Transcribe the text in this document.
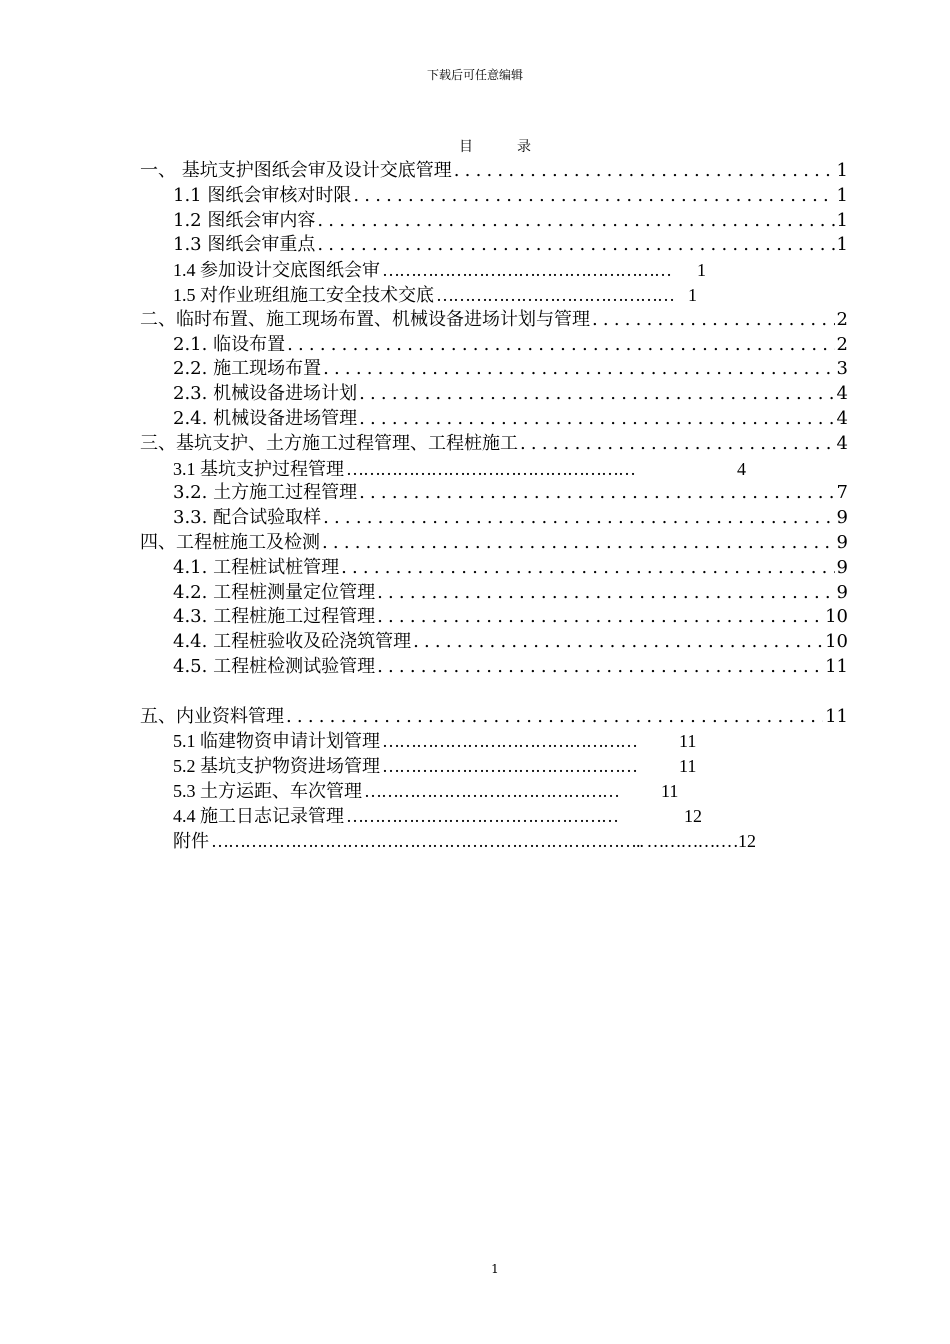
下载后可任意编辑
目	录
一、 基坑支护图纸会审及设计交底管理 .....	1
1.1 图纸会审核对时限 .....	1
1.2 图纸会审内容 .....	1
1.3 图纸会审重点 .....	1
1.4 参加设计交底图纸会审 …………………………………………… 1
1.5 对作业班组施工安全技术交底 …………………………………… 1
二、临时布置、施工现场布置、机械设备进场计划与管理 .....	2
2.1. 临设布置 .....	2
2.2. 施工现场布置 .....	3
2.3. 机械设备进场计划 .....	4
2.4. 机械设备进场管理 .....	4
三、基坑支护、土方施工过程管理、工程桩施工 .....	4
3.1 基坑支护过程管理 ……………………………………………	4
3.2. 土方施工过程管理 .....	7
3.3. 配合试验取样 .....	9
四、工程桩施工及检测 .....	9
4.1. 工程桩试桩管理 .....	9
4.2. 工程桩测量定位管理 .....	9
4.3. 工程桩施工过程管理 .....	10
4.4. 工程桩验收及砼浇筑管理 .....	10
4.5. 工程桩检测试验管理 .....	11
五、内业资料管理 .....	11
5.1 临建物资申请计划管理 ……………………………………… 11
5.2 基坑支护物资进场管理 ……………………………………… 11
5.3 土方运距、车次管理 ……………………………………… 11
4.4 施工日志记录管理 …………………………………………	12
附件 ………………………………………………………………….. …………… .12
1
